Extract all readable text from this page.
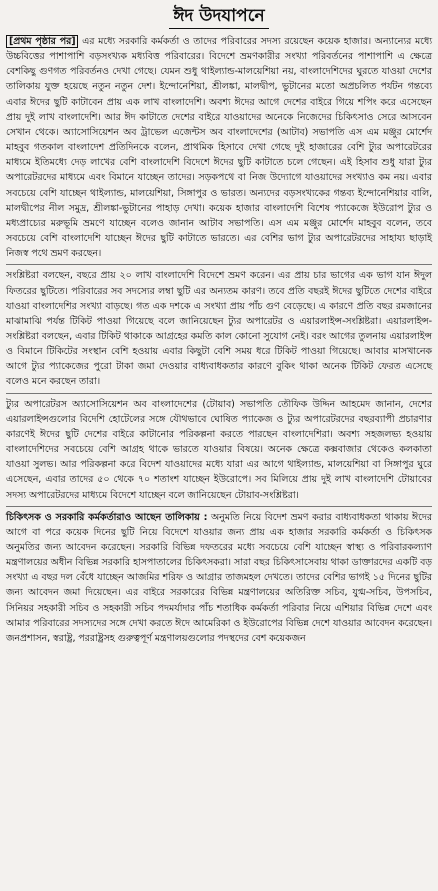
ঈদ উদযাপনে

[প্রথম পৃষ্ঠার পর] এর মধ্যে সরকারি কর্মকর্তা ও তাদের পরিবারের সদস্য রয়েছেন কয়েক হাজার। অন্যান্যের মধ্যে উচ্চবিত্তের পাশাপাশি বড়সংখ্যক মধ্যবিত্ত পরিবারের। বিদেশে ভ্রমণকারীর সংখ্যা পরিবর্তনের পাশাপাশি এ ক্ষেত্রে বেশকিছু গুণগত পরিবর্তনও দেখা গেছে। যেমন শুধু থাইল্যান্ড-মালয়েশিয়া নয়, বাংলাদেশিদের ঘুরতে যাওয়া দেশের তালিকায় যুক্ত হয়েছে নতুন নতুন দেশ। ইন্দোনেশিয়া, শ্রীলঙ্কা, মালদ্বীপ, ভুটানের মতো অপ্রচলিত পর্যটন গন্তব্যে এবার ঈদের ছুটি কাটাবেন প্রায় এক লাখ বাংলাদেশি। অবশ্য ঈদের আগে দেশের বাইরে গিয়ে শপিং করে এসেছেন প্রায় দুই লাখ বাংলাদেশি। আর ঈদ কাটাতে দেশের বাইরে যাওয়াদের অনেকে নিজেদের চিকিৎসাও সেরে আসবেন সেখান থেকে। অ্যাসোসিয়েশন অব ট্রাভেল এজেন্টস অব বাংলাদেশের (আটাব) সভাপতি এস এম মঞ্জুর মোর্শেদ মাহবুব গতকাল বাংলাদেশ প্রতিদিনকে বলেন, প্রাথমিক হিসাবে দেখা গেছে দুই হাজারের বেশি ট্যুর অপারেটরের মাধ্যমে ইতিমধ্যে দেড় লাখের বেশি বাংলাদেশি বিদেশে ঈদের ছুটি কাটাতে চলে গেছেন। এই হিসাব শুধু যারা ট্যুর অপারেটরদের মাধ্যমে এবং বিমানে যাচ্ছেন তাদের। সড়কপথে বা নিজ উদ্যোগে যাওয়াদের সংখ্যাও কম নয়। এবার সবচেয়ে বেশি যাচ্ছেন থাইল্যান্ড, মালয়েশিয়া, সিঙ্গাপুর ও ভারত। অন্যদের বড়সংখ্যকের গন্তব্য ইন্দোনেশিয়ার বালি, মালদ্বীপের নীল সমুদ্র, শ্রীলঙ্কা-ভুটানের পাহাড় দেখা। কয়েক হাজার বাংলাদেশি বিশেষ প্যাকেজে ইউরোপ ট্যুর ও মধ্যপ্রাচ্যের মরুভূমি ভ্রমণে যাচ্ছেন বলেও জানান আটাব সভাপতি। এস এম মঞ্জুর মোর্শেদ মাহবুব বলেন, তবে সবচেয়ে বেশি বাংলাদেশি যাচ্ছেন ঈদের ছুটি কাটাতে ভারতে। এর বেশির ভাগ ট্যুর অপারেটরদের সাহায্য ছাড়াই নিজস্ব পথে ভ্রমণ করছেন।

সংশ্লিষ্টরা বলছেন, বছরে প্রায় ২০ লাখ বাংলাদেশি বিদেশে ভ্রমণ করেন। এর প্রায় চার ভাগের এক ভাগ যান ঈদুল ফিতরের ছুটিতে। পরিবারের সব সদস্যের লম্বা ছুটি এর অন্যতম কারণ। তবে প্রতি বছরই ঈদের ছুটিতে দেশের বাইরে যাওয়া বাংলাদেশির সংখ্যা বাড়ছে। গত এক দশকে এ সংখ্যা প্রায় পাঁচ গুণ বেড়েছে। এ কারণে প্রতি বছর রমজানের মাঝামাঝি পর্যন্ত টিকিট পাওয়া গিয়েছে বলে জানিয়েছেন ট্যুর অপারেটর ও এয়ারলাইন্স-সংশ্লিষ্টরা। এয়ারলাইন্স-সংশ্লিষ্টরা বলছেন, এবার টিকিট থাকাকে আগ্রহের কমতি কাল কোনো সুযোগ নেই। বরং আগের তুলনায় এয়ারলাইন্স ও বিমানে টিকিটের সংস্থান বেশি হওয়ায় এবার কিছুটা বেশি সময় ধরে টিকিট পাওয়া গিয়েছে। আবার মাসখানেক আগে ট্যুর প্যাকেজের পুরো টাকা জমা দেওয়ার বাধ্যবাধকতার কারণে বুকিং থাকা অনেক টিকিট ফেরত এসেছে বলেও মনে করছেন তারা।

ট্যুর অপারেটরস অ্যাসোসিয়েশন অব বাংলাদেশের (টোয়াব) সভাপতি তৌফিক উদ্দিন আহমেদ জানান, দেশের এয়ারলাইন্সগুলোর বিদেশি হোটেলের সঙ্গে যৌথভাবে ঘোষিত প্যাকেজ ও ট্যুর অপারেটরদের বছরব্যাপী প্রচারণার কারণেই ঈদের ছুটি দেশের বাইরে কাটানোর পরিকল্পনা করতে পারছেন বাংলাদেশিরা। অবশ্য সহজলভ্য হওয়ায় বাংলাদেশিদের সবচেয়ে বেশি আগ্রহ থাকে ভারতে যাওয়ার বিষয়ে। অনেক ক্ষেত্রে কক্সবাজার থেকেও কলকাতা যাওয়া সুলভ। আর পরিকল্পনা করে বিদেশ যাওয়াদের মধ্যে যারা এর আগে থাইল্যান্ড, মালয়েশিয়া বা সিঙ্গাপুর ঘুরে এসেছেন, এবার তাদের ৫০ থেকে ৭০ শতাংশ যাচ্ছেন ইউরোপে। সব মিলিয়ে প্রায় দুই লাখ বাংলাদেশি টোয়াবের সদস্য অপারেটরদের মাধ্যমে বিদেশে যাচ্ছেন বলে জানিয়েছেন টোয়াব-সংশ্লিষ্টরা।

চিকিৎসক ও সরকারি কর্মকর্তারাও আছেন তালিকায় : অনুমতি নিয়ে বিদেশ ভ্রমণ করার বাধ্যবাধকতা থাকায় ঈদের আগে বা পরে কয়েক দিনের ছুটি নিয়ে বিদেশে যাওয়ার জন্য প্রায় এক হাজার সরকারি কর্মকর্তা ও চিকিৎসক অনুমতির জন্য আবেদন করেছেন। সরকারি বিভিন্ন দফতরের মধ্যে সবচেয়ে বেশি যাচ্ছেন স্বাস্থ্য ও পরিবারকল্যাণ মন্ত্রণালয়ের অধীন বিভিন্ন সরকারি হাসপাতালের চিকিৎসকরা। সারা বছর চিকিৎসাসেবায় থাকা ডাক্তারদের একটি বড় সংখ্যা এ বছর দল বেঁধে যাচ্ছেন আজমির শরিফ ও আগ্রার তাজমহল দেখতে। তাদের বেশির ভাগই ১৫ দিনের ছুটির জন্য আবেদন জমা দিয়েছেন। এর বাইরে সরকারের বিভিন্ন মন্ত্রণালয়ের অতিরিক্ত সচিব, যুগ্ম-সচিব, উপসচিব, সিনিয়র সহকারী সচিব ও সহকারী সচিব পদমর্যাদার পাঁচ শতাধিক কর্মকর্তা পরিবার নিয়ে এশিয়ার বিভিন্ন দেশে এবং আমার পরিবারের সদস্যদের সঙ্গে দেখা করতে ঈদে আমেরিকা ও ইউরোপের বিভিন্ন দেশে যাওয়ার আবেদন করেছেন। জনপ্রশাসন, স্বরাষ্ট্র, পররাষ্ট্রসহ গুরুত্বপূর্ণ মন্ত্রণালয়গুলোর পদস্থদের বেশ কয়েকজন
